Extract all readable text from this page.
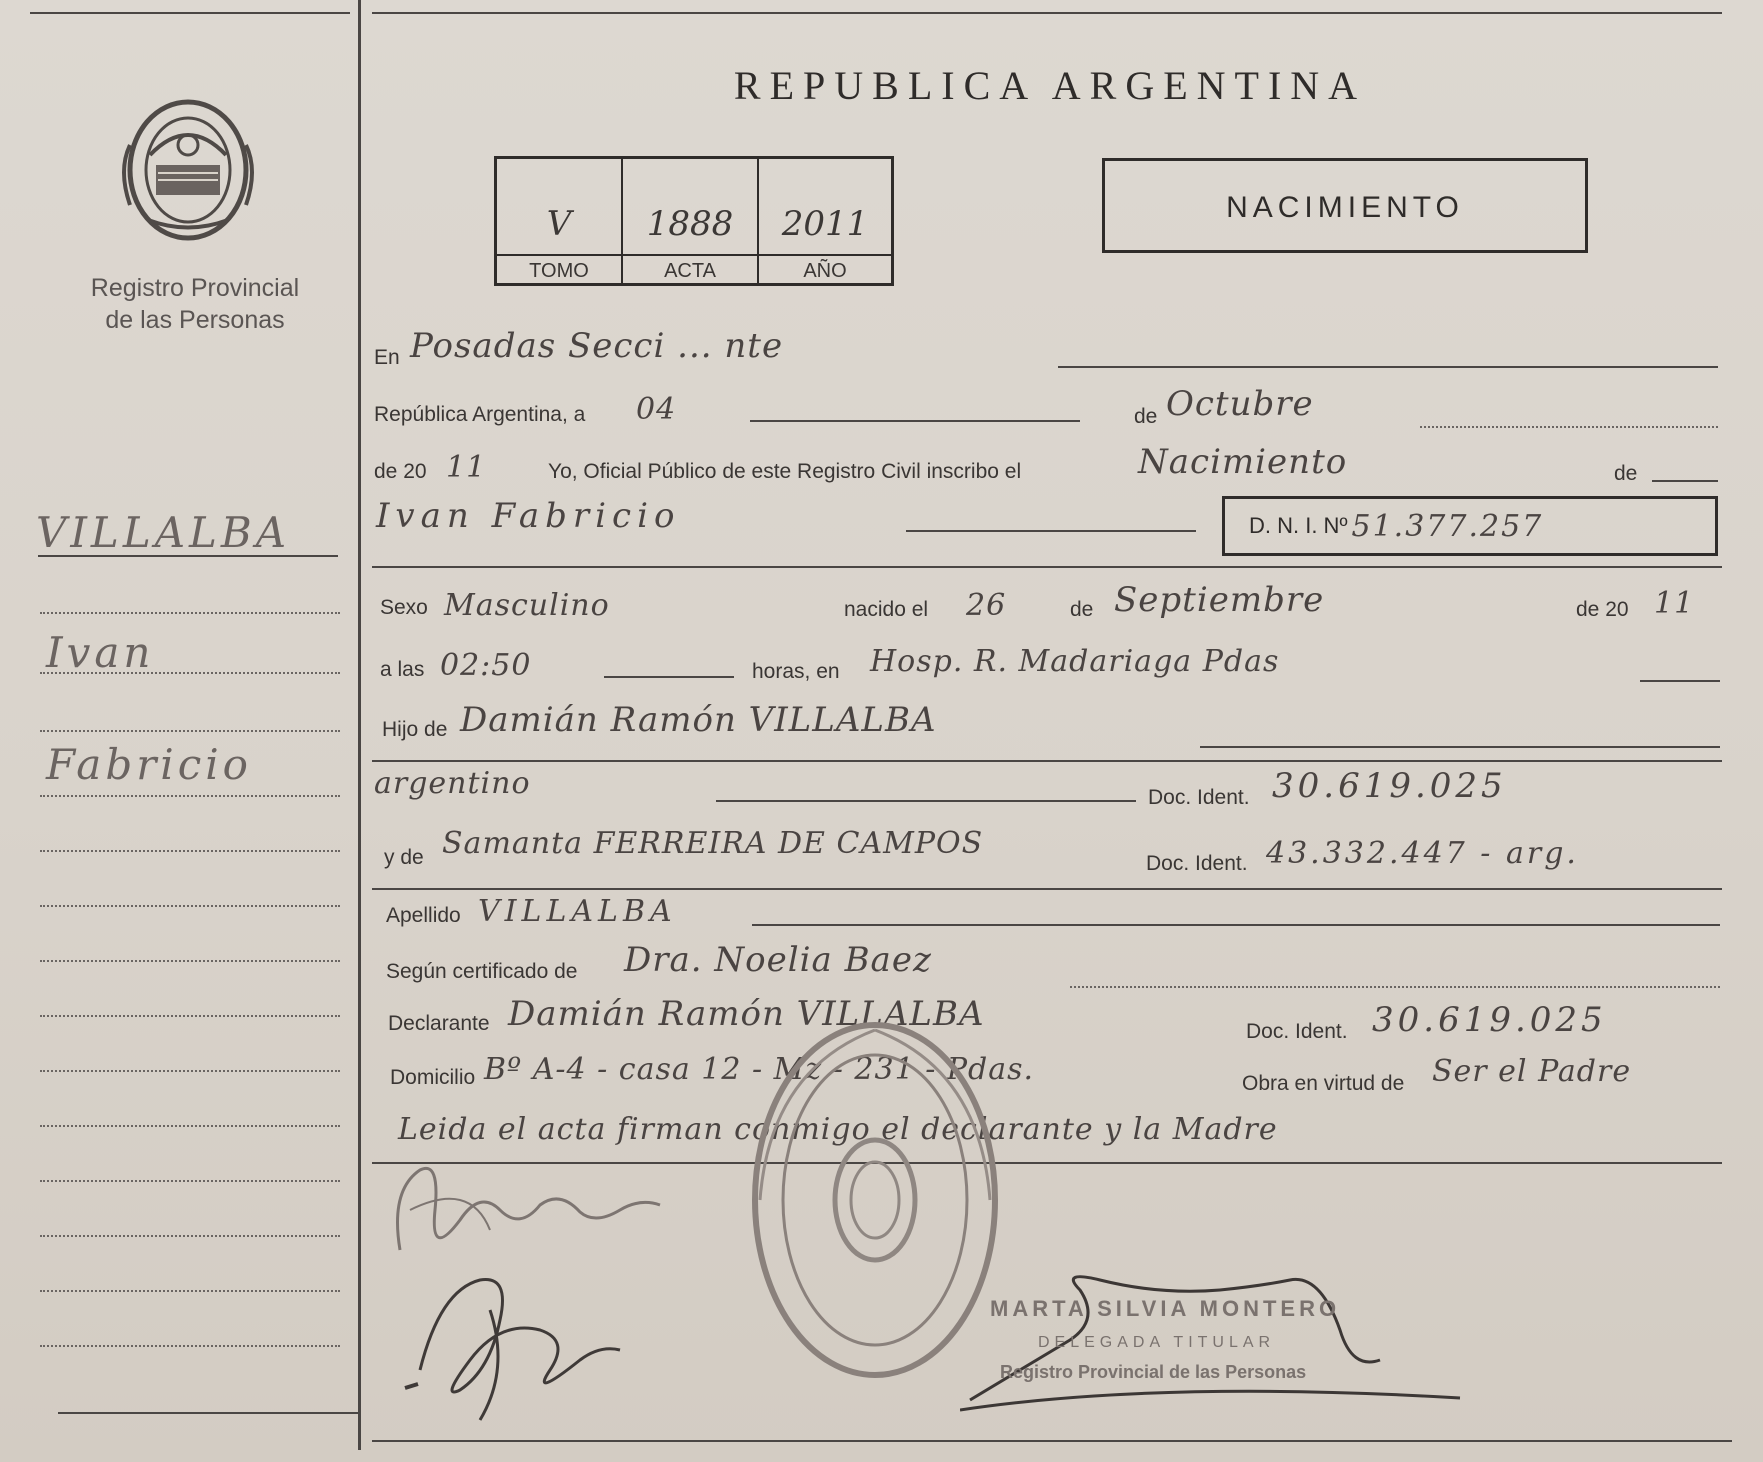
Registro Provincial
de las Personas
VILLALBA
Ivan
Fabricio
REPUBLICA ARGENTINA
V	1888	2011
TOMO	ACTA	AÑO
NACIMIENTO
En Posadas Secci ... nte
República Argentina, a 04	de Octubre
de 20 11	Yo, Oficial Público de este Registro Civil inscribo el	Nacimiento	de
Ivan Fabricio	D. N. I. Nº 51.377.257
Sexo Masculino	nacido el 26	de Septiembre	de 20 11
a las 02:50	horas, en Hosp. R. Madariaga Pdas
Hijo de Damián Ramón VILLALBA
argentino	Doc. Ident. 30.619.025
y de Samanta FERREIRA DE CAMPOS
Doc. Ident. 43.332.447 - arg.
Apellido VILLALBA
Según certificado de Dra. Noelia Baez
Declarante Damián Ramón VILLALBA	Doc. Ident. 30.619.025
Domicilio Bº A-4 - casa 12 - Mz - 231 - Pdas.	Obra en virtud de Ser el Padre
Leida el acta firman conmigo el declarante y la Madre
MARTA SILVIA MONTERO
DELEGADA TITULAR
Registro Provincial de las Personas
